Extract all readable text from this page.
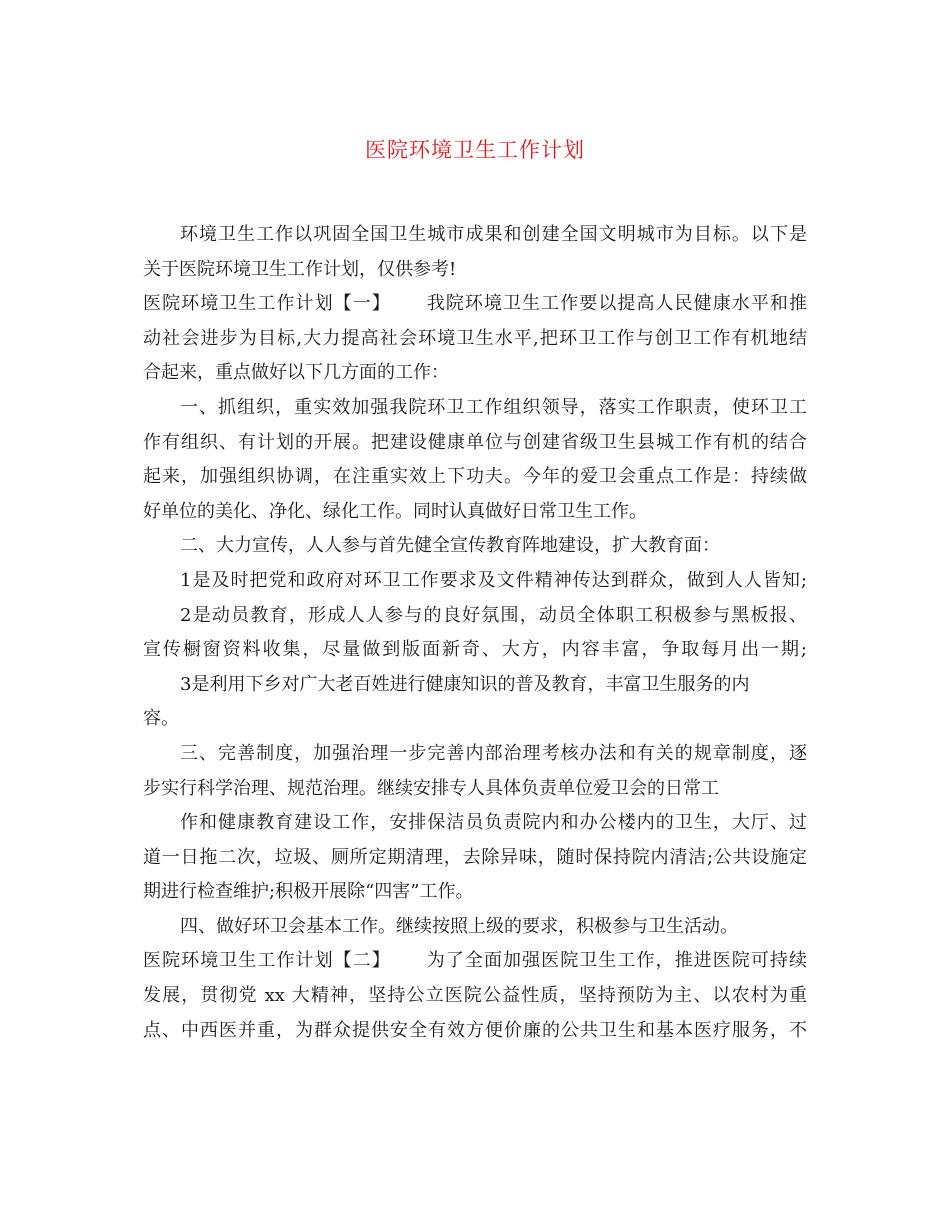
医院环境卫生工作计划
环境卫生工作以巩固全国卫生城市成果和创建全国文明城市为目标。以下是
关于医院环境卫生工作计划，仅供参考!
医院环境卫生工作计划【一】　　 我院环境卫生工作要以提高人民健康水平和推
动社会进步为目标,大力提高社会环境卫生水平,把环卫工作与创卫工作有机地结
合起来，重点做好以下几方面的工作：
一、抓组织，重实效加强我院环卫工作组织领导，落实工作职责，使环卫工
作有组织、有计划的开展。把建设健康单位与创建省级卫生县城工作有机的结合
起来，加强组织协调，在注重实效上下功夫。今年的爱卫会重点工作是：持续做
好单位的美化、净化、绿化工作。同时认真做好日常卫生工作。
二、大力宣传，人人参与首先健全宣传教育阵地建设，扩大教育面：
1是及时把党和政府对环卫工作要求及文件精神传达到群众，做到人人皆知;
2是动员教育，形成人人参与的良好氛围，动员全体职工积极参与黑板报、
宣传橱窗资料收集，尽量做到版面新奇、大方，内容丰富，争取每月出一期;
3是利用下乡对广大老百姓进行健康知识的普及教育，丰富卫生服务的内
容。
三、完善制度，加强治理一步完善内部治理考核办法和有关的规章制度，逐
步实行科学治理、规范治理。继续安排专人具体负责单位爱卫会的日常工
作和健康教育建设工作，安排保洁员负责院内和办公楼内的卫生，大厅、过
道一日拖二次，垃圾、厕所定期清理，去除异味，随时保持院内清洁;公共设施定
期进行检查维护;积极开展除“四害”工作。
四、做好环卫会基本工作。继续按照上级的要求，积极参与卫生活动。
医院环境卫生工作计划【二】　　 为了全面加强医院卫生工作，推进医院可持续
发展，贯彻党 xx 大精神，坚持公立医院公益性质，坚持预防为主、以农村为重
点、中西医并重，为群众提供安全有效方便价廉的公共卫生和基本医疗服务，不
